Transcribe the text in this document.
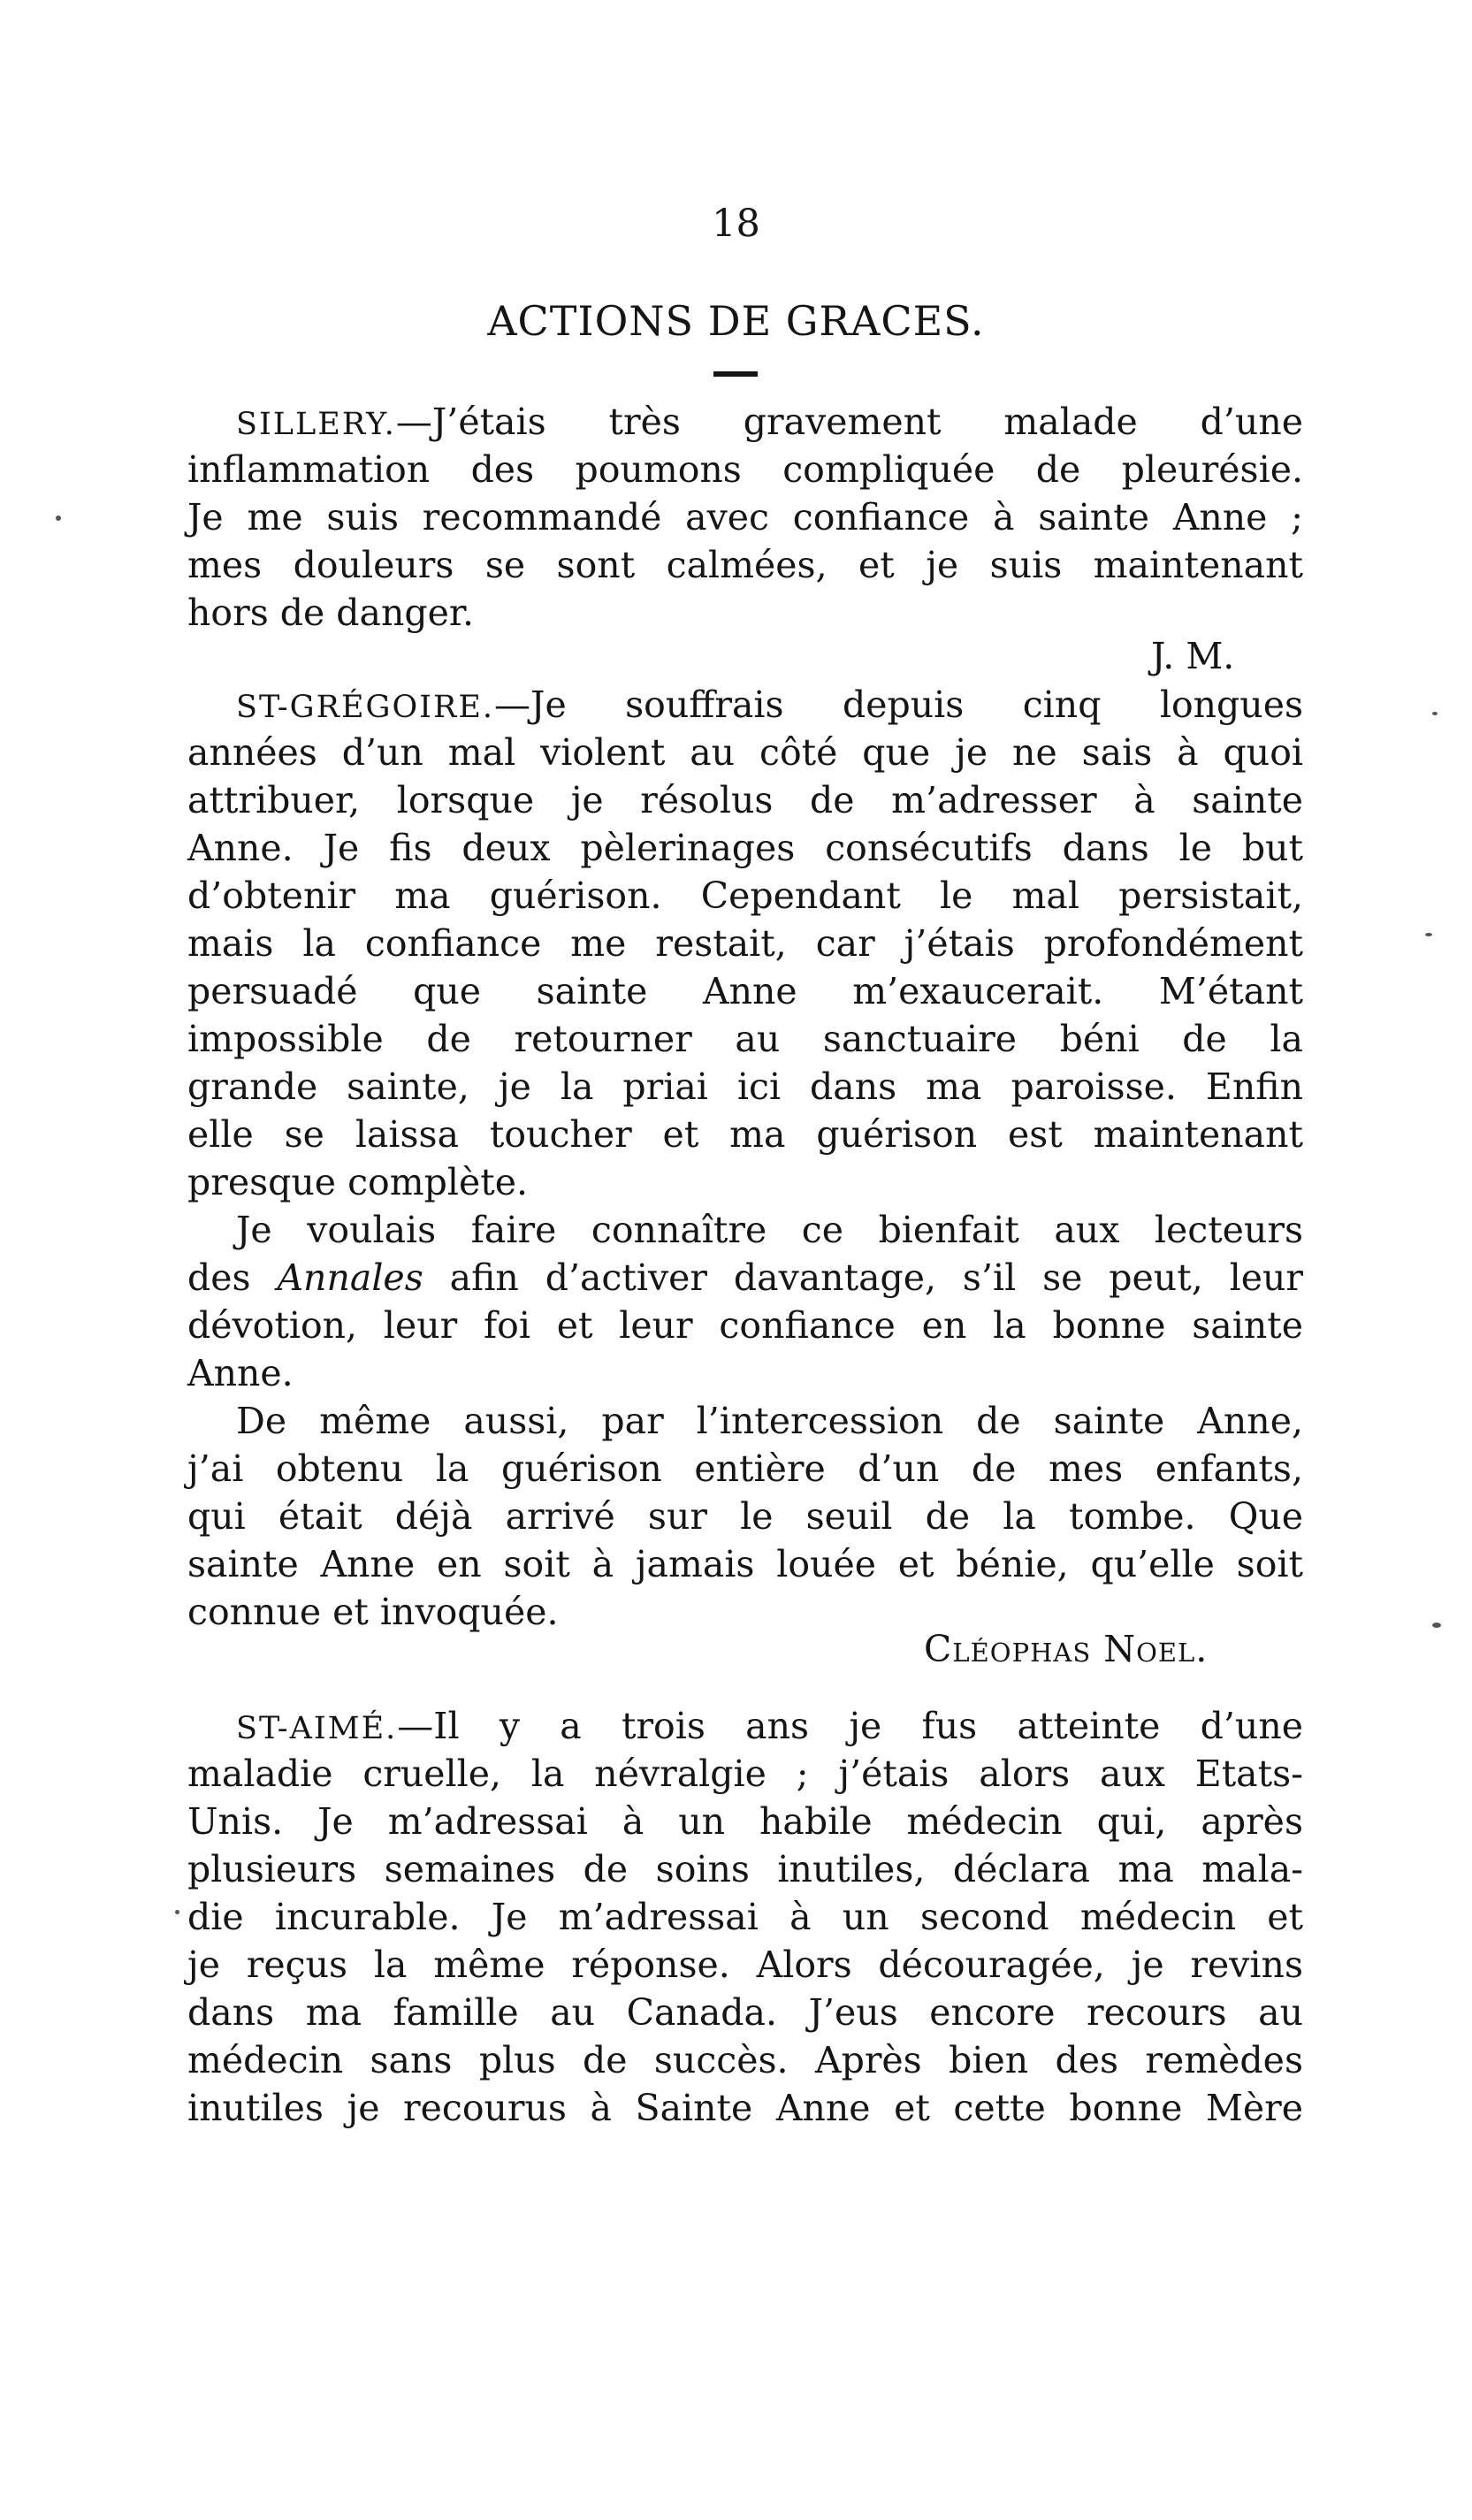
18
ACTIONS DE GRACES.
SILLERY.—J’étais très gravement malade d’une
inflammation des poumons compliquée de pleurésie.
Je me suis recommandé avec confiance à sainte Anne ;
mes douleurs se sont calmées, et je suis maintenant
hors de danger.
J. M.
ST-GRÉGOIRE.—Je souffrais depuis cinq longues
années d’un mal violent au côté que je ne sais à quoi
attribuer, lorsque je résolus de m’adresser à sainte
Anne. Je fis deux pèlerinages consécutifs dans le but
d’obtenir ma guérison. Cependant le mal persistait,
mais la confiance me restait, car j’étais profondément
persuadé que sainte Anne m’exaucerait. M’étant
impossible de retourner au sanctuaire béni de la
grande sainte, je la priai ici dans ma paroisse. Enfin
elle se laissa toucher et ma guérison est maintenant
presque complète.
Je voulais faire connaître ce bienfait aux lecteurs
des Annales afin d’activer davantage, s’il se peut, leur
dévotion, leur foi et leur confiance en la bonne sainte
Anne.
De même aussi, par l’intercession de sainte Anne,
j’ai obtenu la guérison entière d’un de mes enfants,
qui était déjà arrivé sur le seuil de la tombe. Que
sainte Anne en soit à jamais louée et bénie, qu’elle soit
connue et invoquée.
Cléophas Noel.
ST-AIMÉ.—Il y a trois ans je fus atteinte d’une
maladie cruelle, la névralgie ; j’étais alors aux Etats-
Unis. Je m’adressai à un habile médecin qui, après
plusieurs semaines de soins inutiles, déclara ma mala-
die incurable. Je m’adressai à un second médecin et
je reçus la même réponse. Alors découragée, je revins
dans ma famille au Canada. J’eus encore recours au
médecin sans plus de succès. Après bien des remèdes
inutiles je recourus à Sainte Anne et cette bonne Mère
